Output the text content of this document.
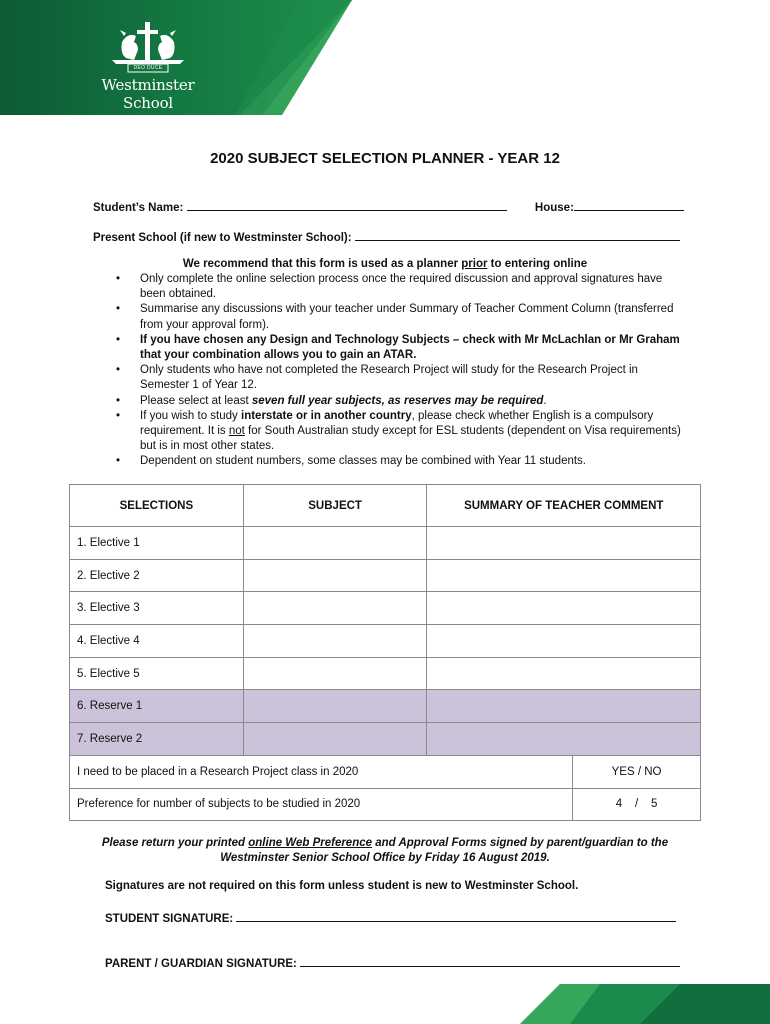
DEO DUCE
Westminster School
2020 SUBJECT SELECTION PLANNER - YEAR 12
Student’s Name:	House:
Present School (if new to Westminster School):
We recommend that this form is used as a planner prior to entering online
• Only complete the online selection process once the required discussion and approval signatures have been obtained.
• Summarise any discussions with your teacher under Summary of Teacher Comment Column (transferred from your approval form).
• If you have chosen any Design and Technology Subjects – check with Mr McLachlan or Mr Graham that your combination allows you to gain an ATAR.
• Only students who have not completed the Research Project will study for the Research Project in Semester 1 of Year 12.
• Please select at least seven full year subjects, as reserves may be required.
• If you wish to study interstate or in another country, please check whether English is a compulsory requirement. It is not for South Australian study except for ESL students (dependent on Visa requirements) but is in most other states.
• Dependent on student numbers, some classes may be combined with Year 11 students.
SELECTIONS	SUBJECT	SUMMARY OF TEACHER COMMENT	
1. Elective 1			
2. Elective 2			
3. Elective 3			
4. Elective 4			
5. Elective 5			
6. Reserve 1			
7. Reserve 2			
I need to be placed in a Research Project class in 2020			YES / NO
Preference for number of subjects to be studied in 2020			4    /    5
Please return your printed online Web Preference and Approval Forms signed by parent/guardian to the Westminster Senior School Office by Friday 16 August 2019.
Signatures are not required on this form unless student is new to Westminster School.
STUDENT SIGNATURE:
PARENT / GUARDIAN SIGNATURE:
